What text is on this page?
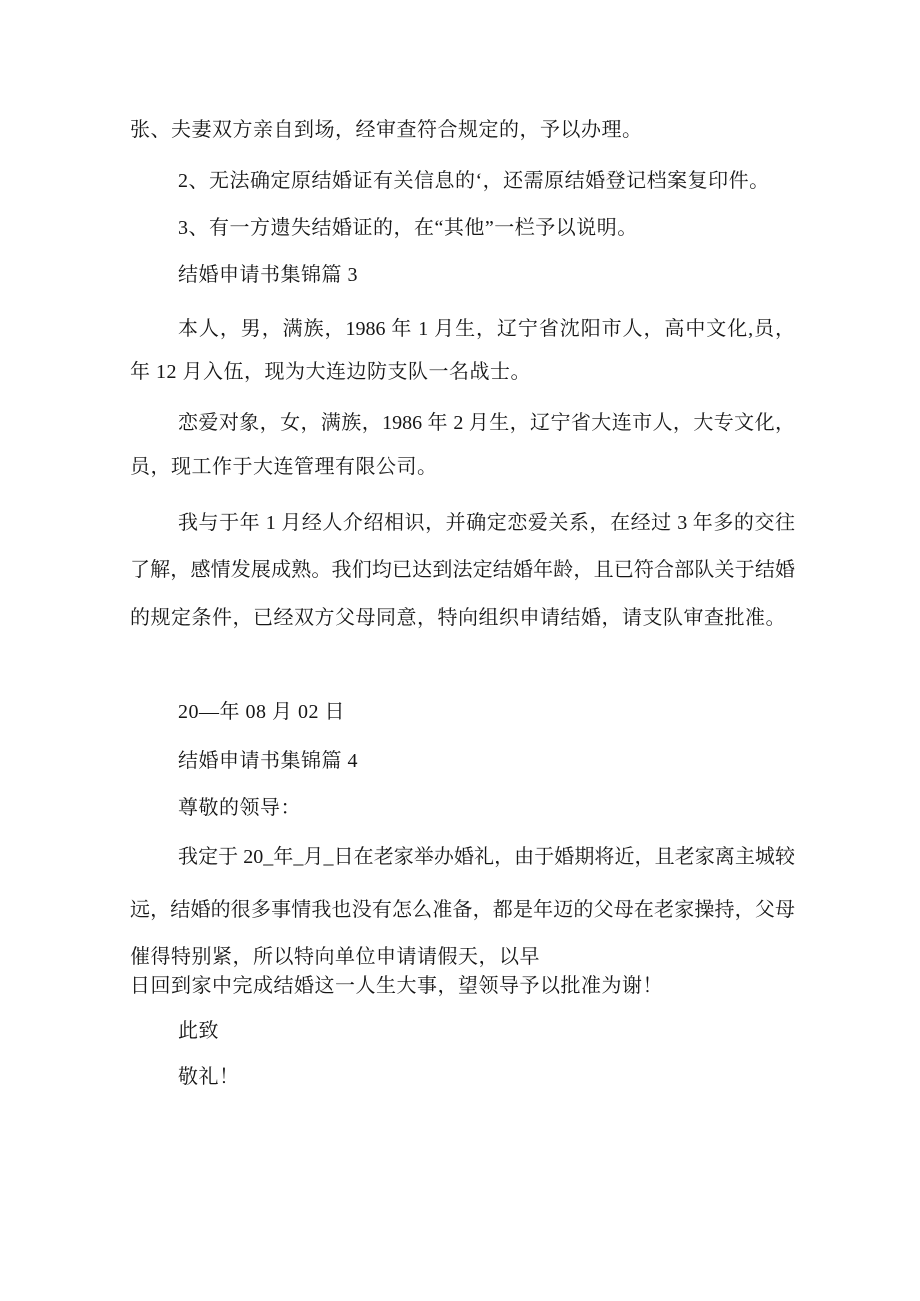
张、夫妻双方亲自到场，经审查符合规定的，予以办理。
2、无法确定原结婚证有关信息的‘，还需原结婚登记档案复印件。
3、有一方遗失结婚证的，在“其他”一栏予以说明。
结婚申请书集锦篇 3
本人，男，满族，1986 年 1 月生，辽宁省沈阳市人，高中文化,员，
年 12 月入伍，现为大连边防支队一名战士。
恋爱对象，女，满族，1986 年 2 月生，辽宁省大连市人，大专文化，
员，现工作于大连管理有限公司。
我与于年 1 月经人介绍相识，并确定恋爱关系，在经过 3 年多的交往
了解，感情发展成熟。我们均已达到法定结婚年龄，且已符合部队关于结婚
的规定条件，已经双方父母同意，特向组织申请结婚，请支队审查批准。
20—年 08 月 02 日
结婚申请书集锦篇 4
尊敬的领导：
我定于 20_年_月_日在老家举办婚礼，由于婚期将近，且老家离主城较
远，结婚的很多事情我也没有怎么准备，都是年迈的父母在老家操持，父母
催得特别紧，所以特向单位申请请假天，以早
日回到家中完成结婚这一人生大事，望领导予以批准为谢！
此致
敬礼！
